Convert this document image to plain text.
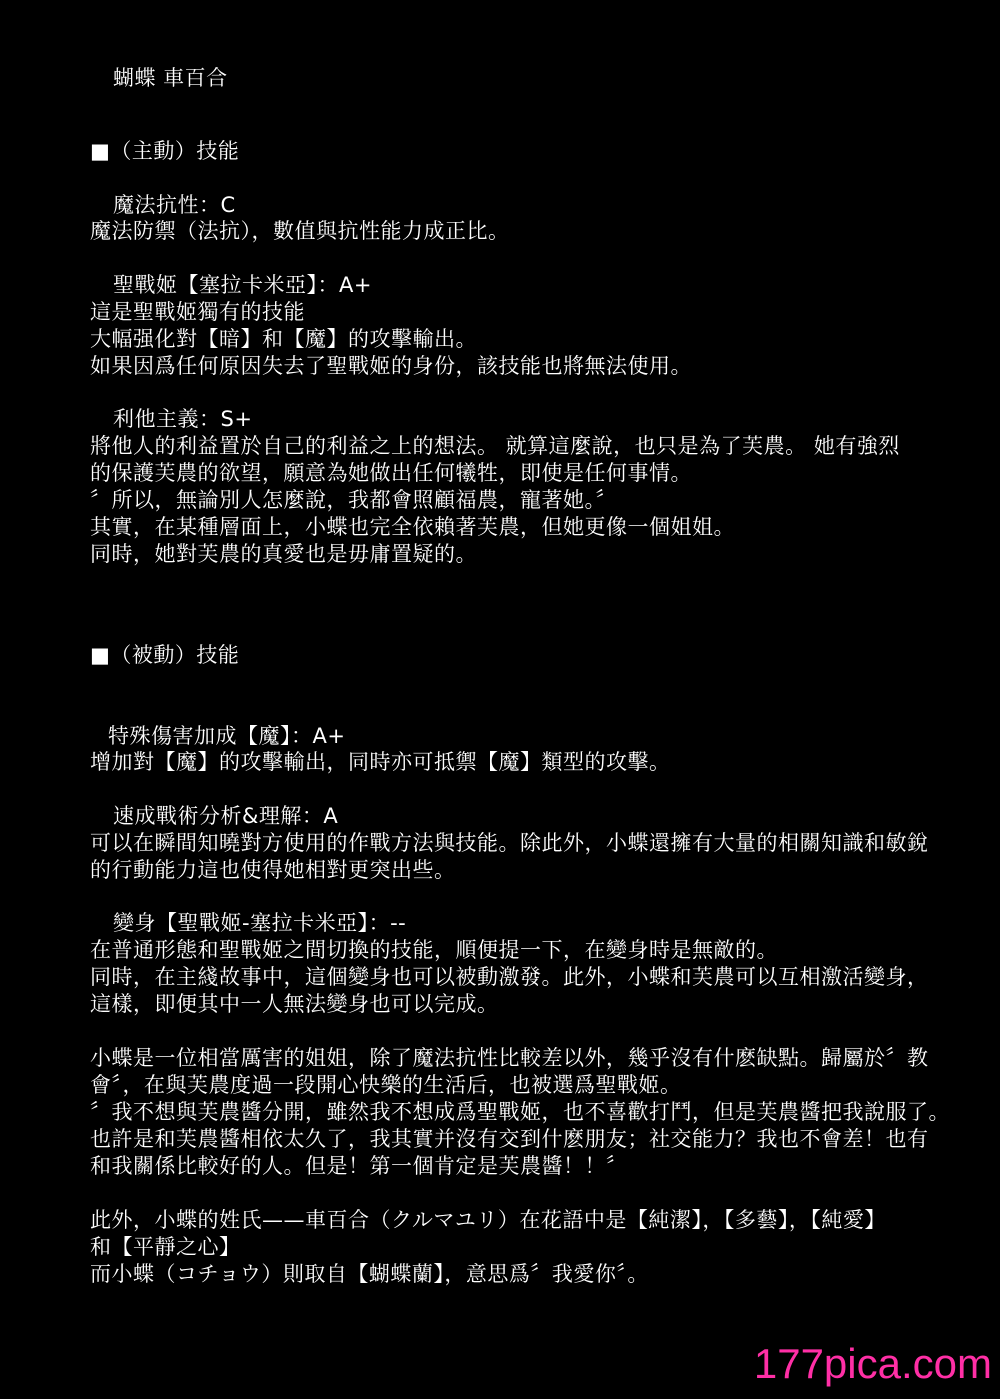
蝴蝶 車百合
■（主動）技能
魔法抗性：C
魔法防禦（法抗），數值與抗性能力成正比。
聖戰姬【塞拉卡米亞】：A+
這是聖戰姬獨有的技能
大幅强化對【暗】和【魔】的攻擊輸出。
如果因爲任何原因失去了聖戰姬的身份，該技能也將無法使用。
利他主義：S+
將他人的利益置於自己的利益之上的想法。 就算這麼說，也只是為了芙農。 她有強烈
的保護芙農的欲望，願意為她做出任何犧牲，即使是任何事情。
〞所以，無論別人怎麼說，我都會照顧福農，寵著她。〞
其實，在某種層面上，小蝶也完全依賴著芙農，但她更像一個姐姐。
同時，她對芙農的真愛也是毋庸置疑的。
■（被動）技能
特殊傷害加成【魔】：A+
增加對【魔】的攻擊輸出，同時亦可抵禦【魔】類型的攻擊。
速成戰術分析&理解：A
可以在瞬間知曉對方使用的作戰方法與技能。除此外，小蝶還擁有大量的相關知識和敏銳
的行動能力這也使得她相對更突出些。
變身【聖戰姬-塞拉卡米亞】：--
在普通形態和聖戰姬之間切換的技能，順便提一下，在變身時是無敵的。
同時，在主綫故事中，這個變身也可以被動激發。此外，小蝶和芙農可以互相激活變身，
這樣，即便其中一人無法變身也可以完成。
小蝶是一位相當厲害的姐姐，除了魔法抗性比較差以外，幾乎沒有什麽缺點。歸屬於〞教
會〞，在與芙農度過一段開心快樂的生活后，也被選爲聖戰姬。
〞我不想與芙農醬分開，雖然我不想成爲聖戰姬，也不喜歡打鬥，但是芙農醬把我說服了。
也許是和芙農醬相依太久了，我其實并沒有交到什麽朋友；社交能力？我也不會差！也有
和我關係比較好的人。但是！第一個肯定是芙農醬！！〞
此外，小蝶的姓氏——車百合（クルマユリ）在花語中是【純潔】，【多藝】，【純愛】
和【平靜之心】
而小蝶（コチョウ）則取自【蝴蝶蘭】，意思爲〞我愛你〞。
177pica.com
